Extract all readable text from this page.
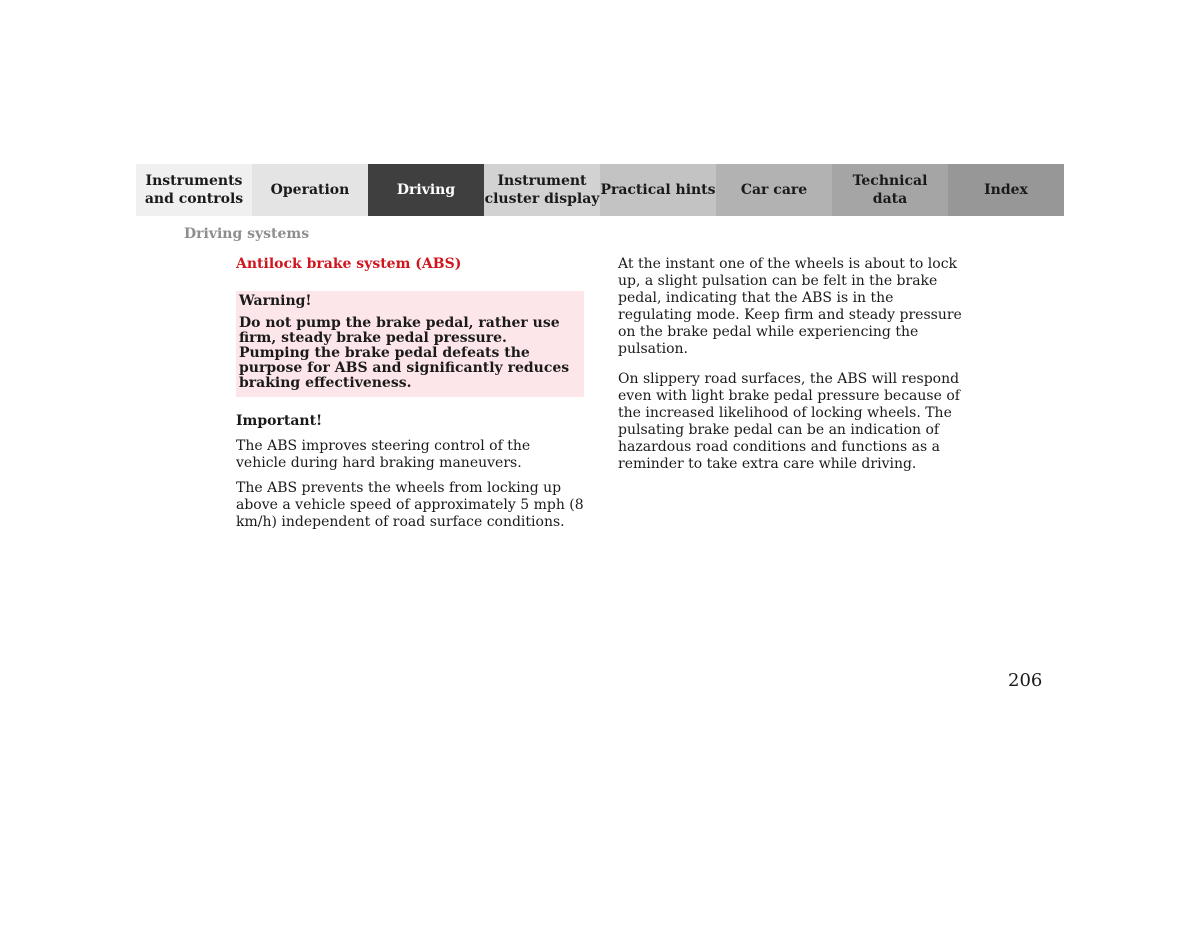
Instruments
and controls
Operation	Driving
Instrument
cluster display
Practical hints Car care
Technical
data
Index
Driving systems
Antilock brake system (ABS)
Warning!
Do not pump the brake pedal, rather use firm, steady brake pedal pressure. Pumping the brake pedal defeats the purpose for ABS and significantly reduces braking effectiveness.
Important!

The ABS improves steering control of the vehicle during hard braking maneuvers.

The ABS prevents the wheels from locking up above a vehicle speed of approximately 5 mph (8 km/h) independent of road surface conditions.

At the instant one of the wheels is about to lock up, a slight pulsation can be felt in the brake pedal, indicating that the ABS is in the regulating mode. Keep firm and steady pressure on the brake pedal while experiencing the pulsation.

On slippery road surfaces, the ABS will respond even with light brake pedal pressure because of the increased likelihood of locking wheels. The pulsating brake pedal can be an indication of hazardous road conditions and functions as a reminder to take extra care while driving.

206
